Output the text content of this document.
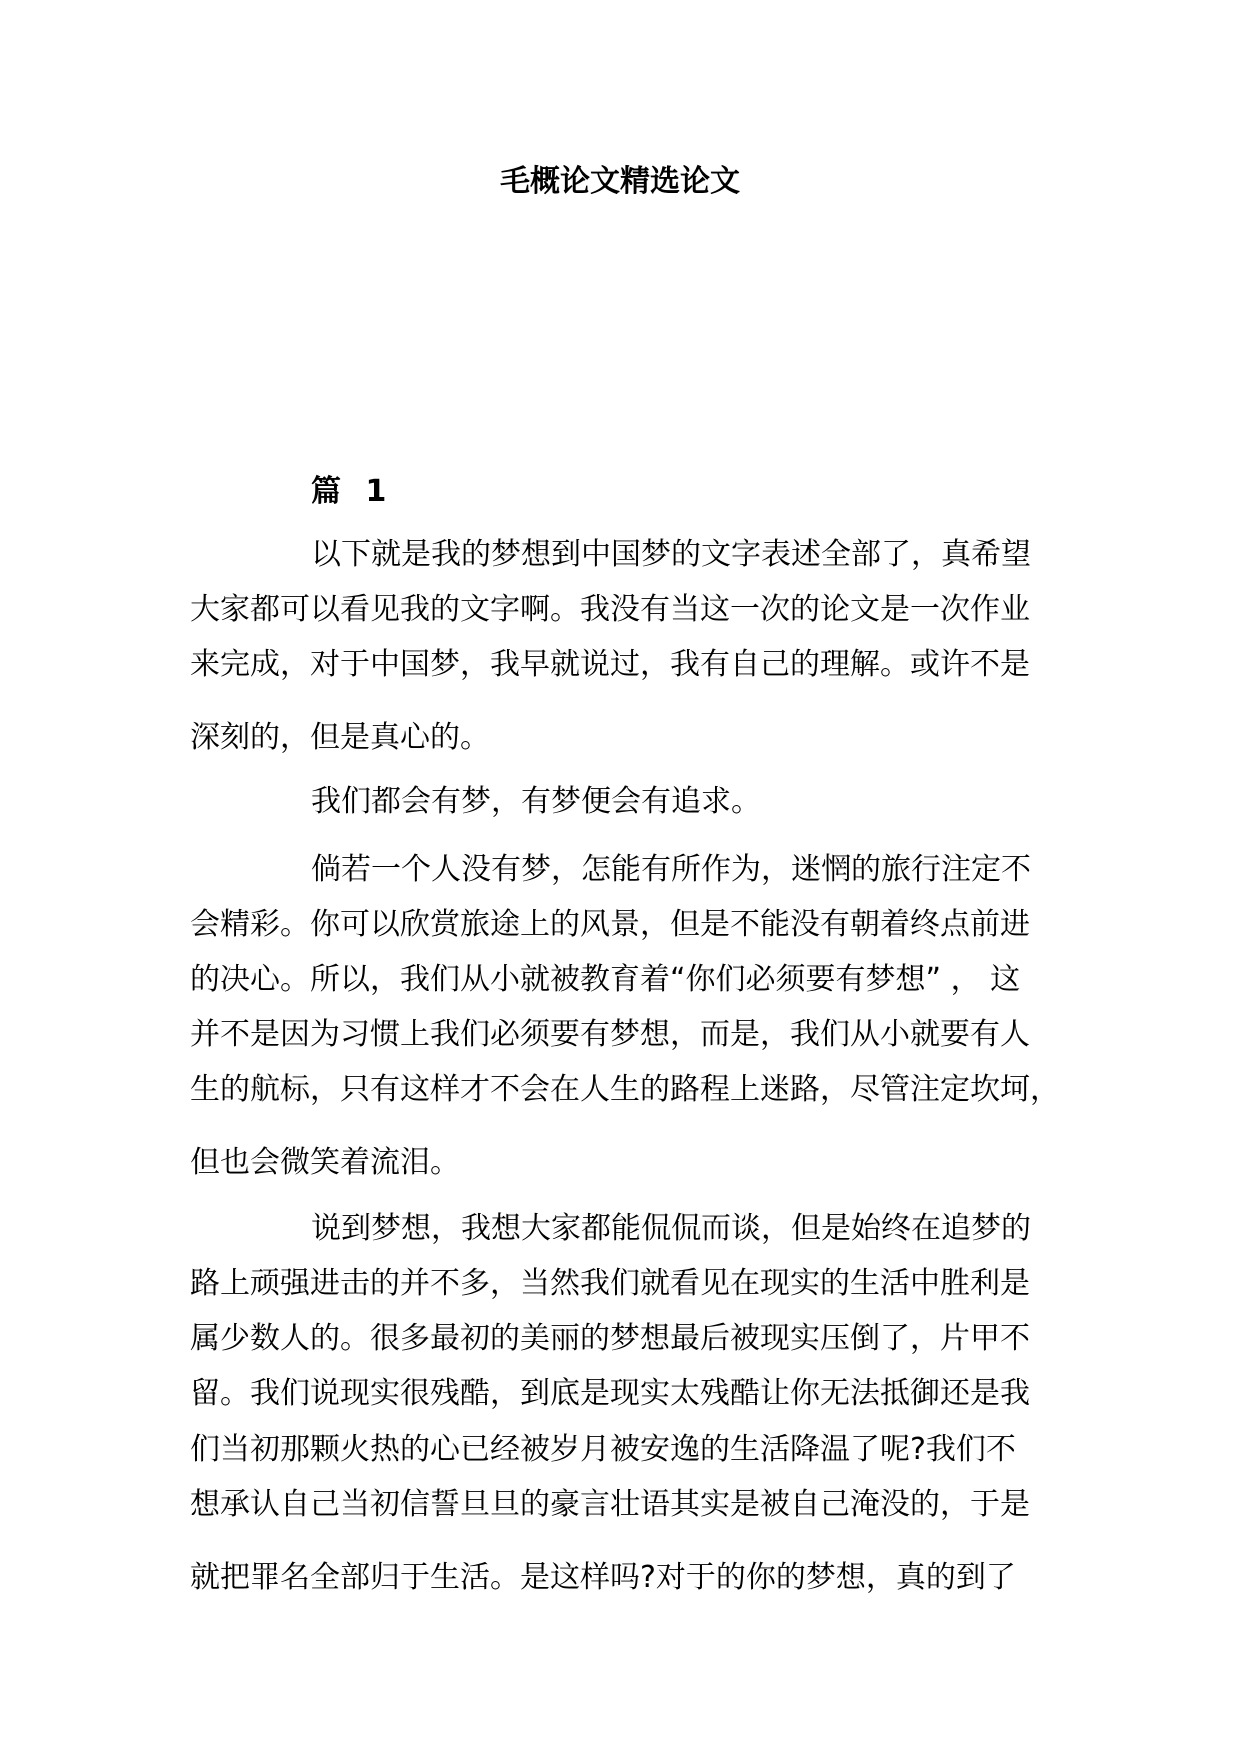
毛概论文精选论文
篇 1
以下就是我的梦想到中国梦的文字表述全部了，真希望
大家都可以看见我的文字啊。我没有当这一次的论文是一次作业
来完成，对于中国梦，我早就说过，我有自己的理解。或许不是
深刻的，但是真心的。
我们都会有梦，有梦便会有追求。
倘若一个人没有梦，怎能有所作为，迷惘的旅行注定不
会精彩。你可以欣赏旅途上的风景，但是不能没有朝着终点前进
的决心。所以，我们从小就被教育着“你们必须要有梦想” ， 这
并不是因为习惯上我们必须要有梦想，而是，我们从小就要有人
生的航标，只有这样才不会在人生的路程上迷路，尽管注定坎坷，
但也会微笑着流泪。
说到梦想，我想大家都能侃侃而谈，但是始终在追梦的
路上顽强进击的并不多，当然我们就看见在现实的生活中胜利是
属少数人的。很多最初的美丽的梦想最后被现实压倒了，片甲不
留。我们说现实很残酷，到底是现实太残酷让你无法抵御还是我
们当初那颗火热的心已经被岁月被安逸的生活降温了呢?我们不
想承认自己当初信誓旦旦的豪言壮语其实是被自己淹没的，于是
就把罪名全部归于生活。是这样吗?对于的你的梦想，真的到了
